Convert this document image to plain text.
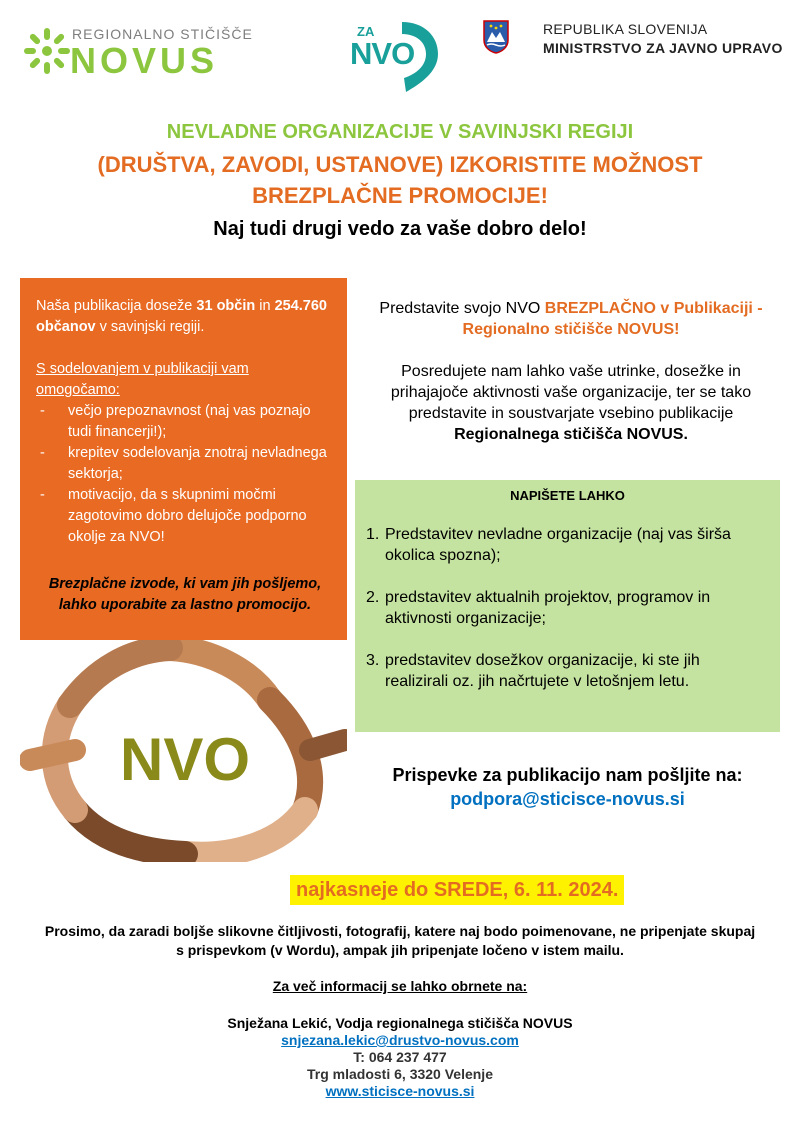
REGIONALNO STIČIŠČE
NOVUS
ZA
NVO
REPUBLIKA SLOVENIJA
MINISTRSTVO ZA JAVNO UPRAVO
NEVLADNE ORGANIZACIJE V SAVINJSKI REGIJI
(DRUŠTVA, ZAVODI, USTANOVE) IZKORISTITE MOŽNOST
BREZPLAČNE PROMOCIJE!
Naj tudi drugi vedo za vaše dobro delo!

Naša publikacija doseže 31 občin in 254.760 občanov v savinjski regiji.

S sodelovanjem v publikaciji vam omogočamo:

- večjo prepoznavnost (naj vas poznajo tudi financerji!);
- krepitev sodelovanja znotraj nevladnega sektorja;
- motivacijo, da s skupnimi močmi zagotovimo dobro delujoče podporno okolje za NVO!
Brezplačne izvode, ki vam jih pošljemo, lahko uporabite za lastno promocijo.
NVO

Predstavite svojo NVO BREZPLAČNO v Publikaciji - Regionalno stičišče NOVUS!

Posredujete nam lahko vaše utrinke, dosežke in prihajajoče aktivnosti vaše organizacije, ter se tako predstavite in soustvarjate vsebino publikacije Regionalnega stičišča NOVUS.

NAPIŠETE LAHKO
1. Predstavitev nevladne organizacije (naj vas širša okolica spozna);
2. predstavitev aktualnih projektov, programov in aktivnosti organizacije;
3. predstavitev dosežkov organizacije, ki ste jih realizirali oz. jih načrtujete v letošnjem letu.
Prispevke za publikacijo nam pošljite na:
podpora@sticisce-novus.si
najkasneje do SREDE, 6. 11. 2024.
Prosimo, da zaradi boljše slikovne čitljivosti, fotografij, katere naj bodo poimenovane, ne pripenjate skupaj s prispevkom (v Wordu), ampak jih pripenjate ločeno v istem mailu.
Za več informacij se lahko obrnete na:
Snježana Lekić, Vodja regionalnega stičišča NOVUS
snjezana.lekic@drustvo-novus.com
T: 064 237 477
Trg mladosti 6, 3320 Velenje
www.sticisce-novus.si
